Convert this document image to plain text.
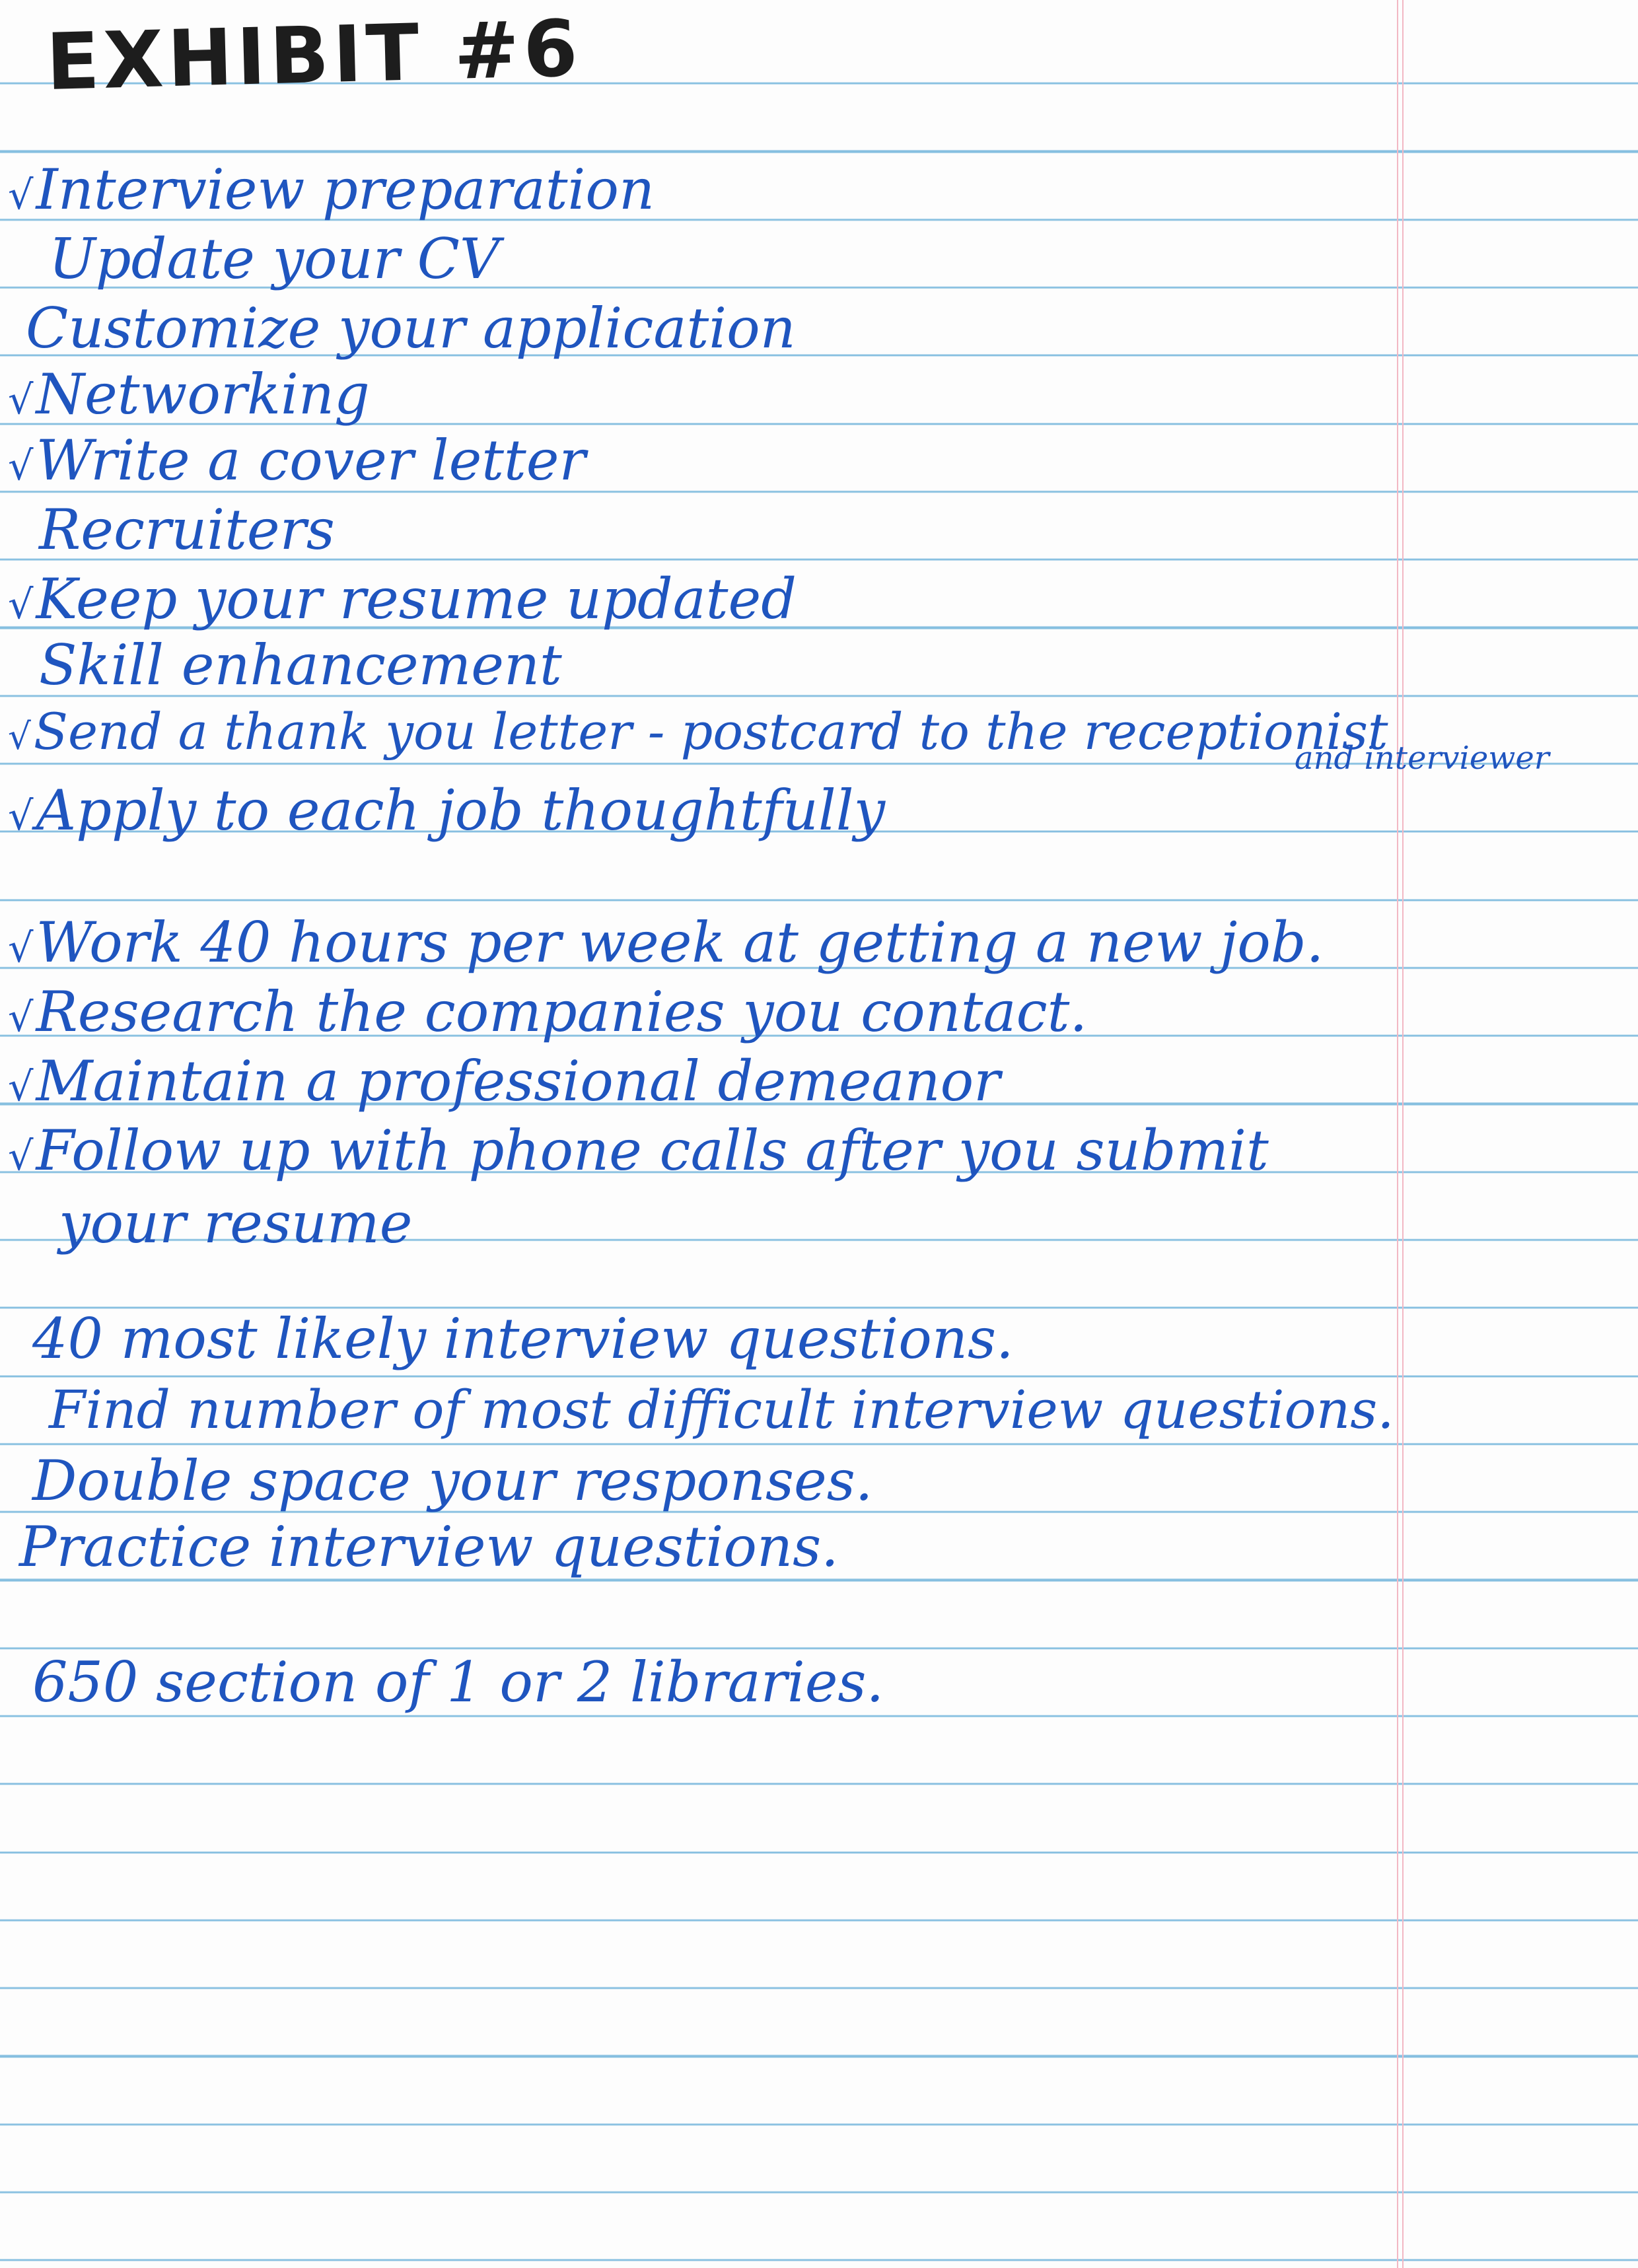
EXHIBIT #6
√Interview preparation
Update your CV
Customize your application
√Networking
√Write a cover letter
Recruiters
√Keep your resume updated
Skill enhancement
√Send a thank you letter - postcard to the receptionist
and interviewer
√Apply to each job thoughtfully
√Work 40 hours per week at getting a new job.
√Research the companies you contact.
√Maintain a professional demeanor
√Follow up with phone calls after you submit
your resume
40 most likely interview questions.
Find number of most difficult interview questions.
Double space your responses.
Practice interview questions.
650 section of 1 or 2 libraries.
